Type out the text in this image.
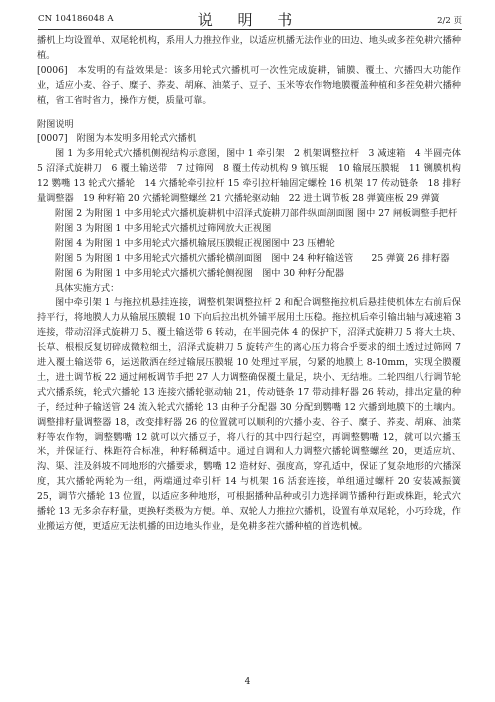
CN 104186048 A	说 明 书	2/2 页

播机上均设置单、双尾轮机构，系用人力推拉作业，以适应机播无法作业的田边、地头或多茬免耕穴播种植。

[0006]　本发明的有益效果是：该多用轮式穴播机可一次性完成旋耕，铺膜、覆土、穴播四大功能作业，适应小麦、谷子、糜子、荞麦、胡麻、油菜子、豆子、玉米等农作物地膜覆盖种植和多茬免耕穴播种植，省工省时省力，操作方便，质量可靠。

附图说明

[0007]　附图为本发明多用轮式穴播机

图 1 为多用轮式穴播机侧视结构示意图，图中 1 牵引架　2 机架调整拉杆　3 减速箱　4 半圆壳体　5 沼泽式旋耕刀　6 覆土输送带　7 过筛网　8 覆土传动机构 9 镇压辊　10 输展压膜辊　11 铡膜机构 12 鹦嘴 13 轮式穴播轮　14 穴播轮牵引拉杆 15 牵引拉杆轴固定螺栓 16 机架 17 传动链条　18 排籽量调整器　19 种籽箱 20 穴播轮调整螺丝 21 穴播轮驱动轴　22 进土调节板 28 弹簧座板 29 弹簧

附图 2 为附图 1 中多用轮式穴播机旋耕机中沼泽式旋耕刀部件纵面剖面图 图中 27 闸板调整手把杆

附图 3 为附图 1 中多用轮式穴播机过筛网放大正视图

附图 4 为附图 1 中多用轮式穴播机输展压膜辊正视图图中 23 压槽轮

附图 5 为附图 1 中多用轮式穴播机穴播轮横剖面图　图中 24 种籽输送管　　25 弹簧 26 排籽器

附图 6 为附图 1 中多用轮式穴播机穴播轮侧视图　图中 30 种籽分配器

具体实施方式：

图中牵引架 1 与拖拉机悬挂连接，调整机架调整拉杆 2 和配合调整拖拉机后悬挂使机体左右前后保持平行，将地膜人力从输展压膜辊 10 下向后拉出机外铺平展用土压稳。拖拉机后牵引输出轴与减速箱 3 连接，带动沼泽式旋耕刀 5、覆土输送带 6 转动，在半圆壳体 4 的保护下，沼泽式旋耕刀 5 将大土块、长草、根根反复切碎成微粒细土，沼泽式旋耕刀 5 旋转产生的离心压力将合乎要求的细土透过过筛网 7 进入覆土输送带 6，运送散洒在经过输展压膜辊 10 处理过平展，匀紧的地膜上 8-10mm，实现全膜覆土，进土调节板 22 通过闸板调节手把 27 人力调整确保覆土量足，块小、无结堆。二轮四组八行调节轮式穴播系统，轮式穴播轮 13 连接穴播轮驱动轴 21，传动链条 17 带动排籽器 26 转动，排出定量的种子，经过种子输送管 24 流入轮式穴播轮 13 由种子分配器 30 分配到鹦嘴 12 穴播到地膜下的土壤内。调整排籽量调整器 18，改变排籽器 26 的位置就可以顺利的穴播小麦、谷子、糜子、荞麦、胡麻、油菜籽等农作物，调整鹦嘴 12 就可以穴播豆子，将八行的其中四行起空，再调整鹦嘴 12，就可以穴播玉米，并保证行、株距符合标准，种籽稀稠适中。通过自调和人力调整穴播轮调整螺丝 20，更适应坑、沟、渠、洼及斜坡不同地形的穴播要求，鹦嘴 12 造材好、强度高，穿孔适中，保证了复杂地形的穴播深度，其穴播轮两轮为一组，两端通过牵引杆 14 与机架 16 活套连接，单组通过螺杆 20 安装减振簧 25，调节穴播轮 13 位置，以适应多种地形，可根据播种品种或引力选择调节播种行距或株距，轮式穴播轮 13 无多余存籽量，更换籽类极为方便。单、双轮人力推拉穴播机，设置有单双尾轮，小巧玲珑，作业搬运方便，更适应无法机播的田边地头作业，是免耕多茬穴播种植的首选机械。

4
